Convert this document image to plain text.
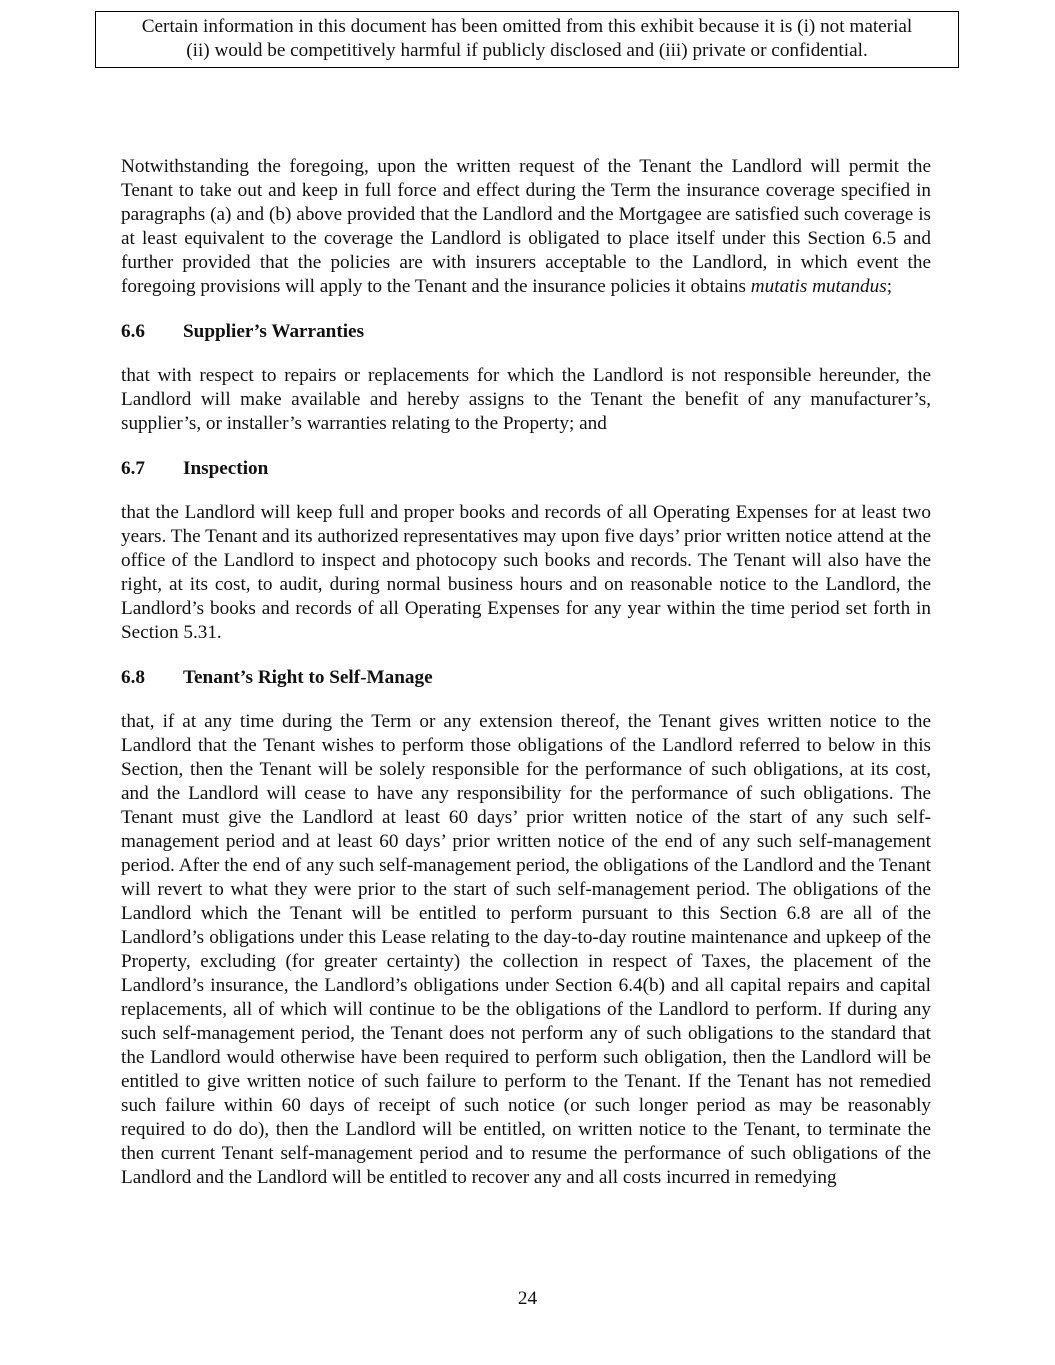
Certain information in this document has been omitted from this exhibit because it is (i) not material
(ii) would be competitively harmful if publicly disclosed and (iii) private or confidential.

Notwithstanding the foregoing, upon the written request of the Tenant the Landlord will permit the Tenant to take out and keep in full force and effect during the Term the insurance coverage specified in paragraphs (a) and (b) above provided that the Landlord and the Mortgagee are satisfied such coverage is at least equivalent to the coverage the Landlord is obligated to place itself under this Section 6.5 and further provided that the policies are with insurers acceptable to the Landlord, in which event the foregoing provisions will apply to the Tenant and the insurance policies it obtains mutatis mutandus;

6.6 Supplier’s Warranties

that with respect to repairs or replacements for which the Landlord is not responsible hereunder, the Landlord will make available and hereby assigns to the Tenant the benefit of any manufacturer’s, supplier’s, or installer’s warranties relating to the Property; and

6.7 Inspection

that the Landlord will keep full and proper books and records of all Operating Expenses for at least two years. The Tenant and its authorized representatives may upon five days’ prior written notice attend at the office of the Landlord to inspect and photocopy such books and records. The Tenant will also have the right, at its cost, to audit, during normal business hours and on reasonable notice to the Landlord, the Landlord’s books and records of all Operating Expenses for any year within the time period set forth in Section 5.31.

6.8 Tenant’s Right to Self-Manage

that, if at any time during the Term or any extension thereof, the Tenant gives written notice to the Landlord that the Tenant wishes to perform those obligations of the Landlord referred to below in this Section, then the Tenant will be solely responsible for the performance of such obligations, at its cost, and the Landlord will cease to have any responsibility for the performance of such obligations. The Tenant must give the Landlord at least 60 days’ prior written notice of the start of any such self-management period and at least 60 days’ prior written notice of the end of any such self-management period. After the end of any such self-management period, the obligations of the Landlord and the Tenant will revert to what they were prior to the start of such self-management period. The obligations of the Landlord which the Tenant will be entitled to perform pursuant to this Section 6.8 are all of the Landlord’s obligations under this Lease relating to the day-to-day routine maintenance and upkeep of the Property, excluding (for greater certainty) the collection in respect of Taxes, the placement of the Landlord’s insurance, the Landlord’s obligations under Section 6.4(b) and all capital repairs and capital replacements, all of which will continue to be the obligations of the Landlord to perform. If during any such self-management period, the Tenant does not perform any of such obligations to the standard that the Landlord would otherwise have been required to perform such obligation, then the Landlord will be entitled to give written notice of such failure to perform to the Tenant. If the Tenant has not remedied such failure within 60 days of receipt of such notice (or such longer period as may be reasonably required to do do), then the Landlord will be entitled, on written notice to the Tenant, to terminate the then current Tenant self-management period and to resume the performance of such obligations of the Landlord and the Landlord will be entitled to recover any and all costs incurred in remedying

24
